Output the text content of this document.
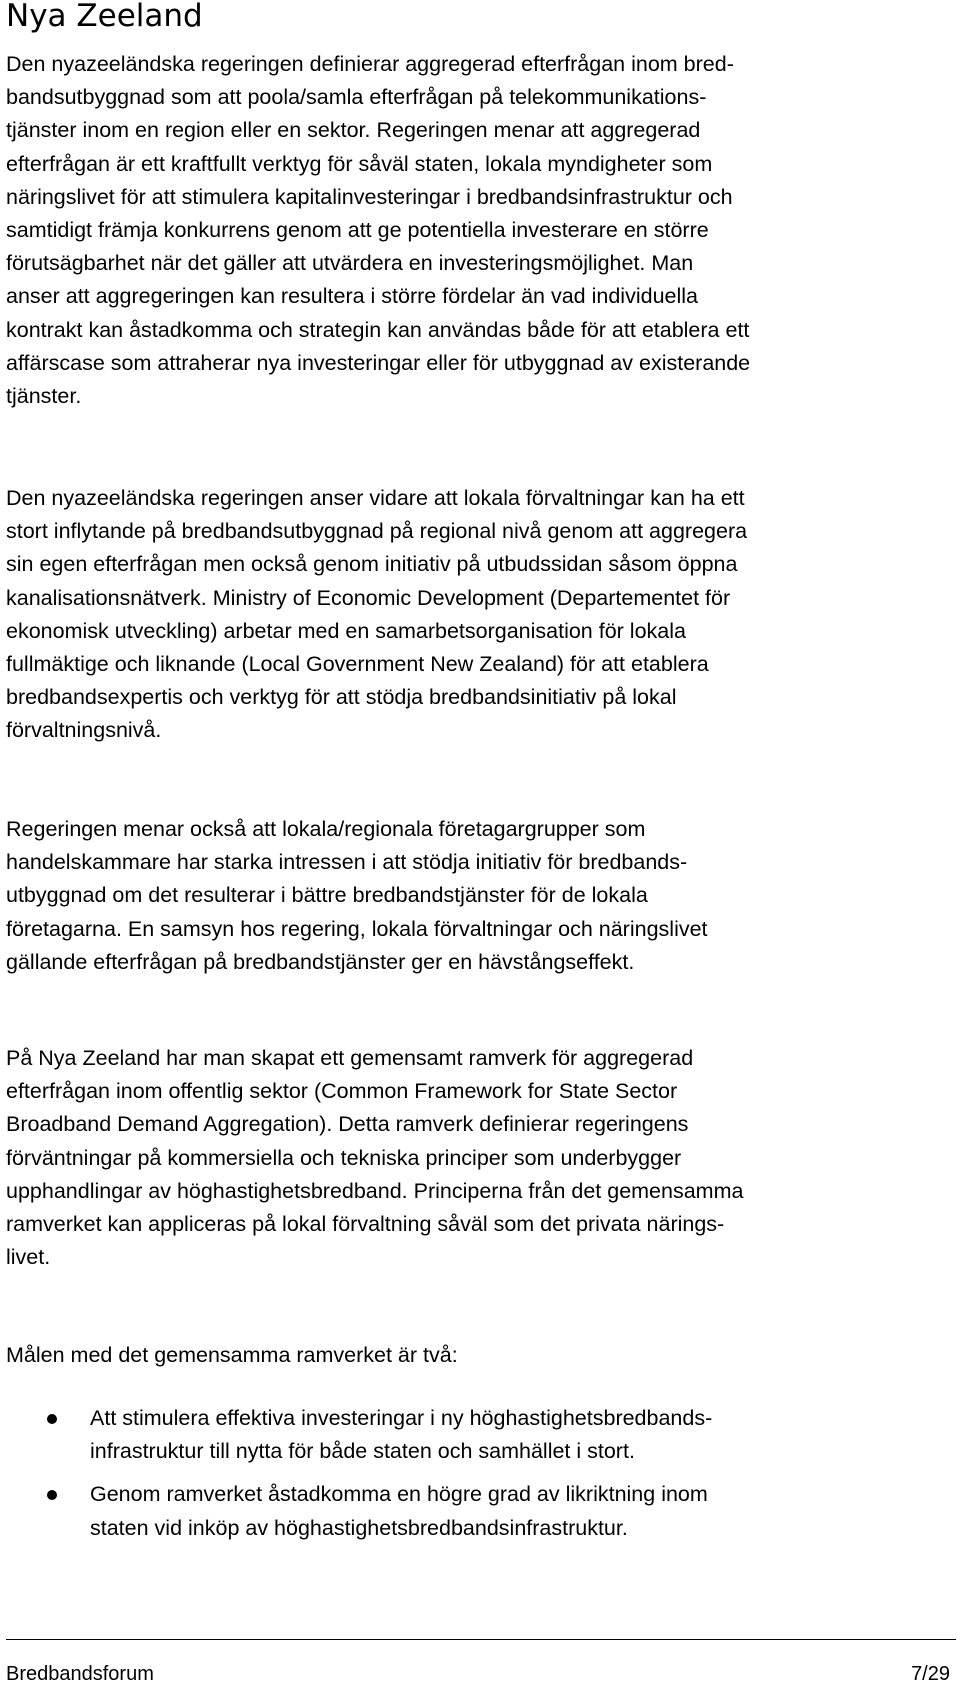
Nya Zeeland

Den nyazeeländska regeringen definierar aggregerad efterfrågan inom bred-
bandsutbyggnad som att poola/samla efterfrågan på telekommunikations-
tjänster inom en region eller en sektor. Regeringen menar att aggregerad
efterfrågan är ett kraftfullt verktyg för såväl staten, lokala myndigheter som
näringslivet för att stimulera kapitalinvesteringar i bredbandsinfrastruktur och
samtidigt främja konkurrens genom att ge potentiella investerare en större
förutsägbarhet när det gäller att utvärdera en investeringsmöjlighet. Man
anser att aggregeringen kan resultera i större fördelar än vad individuella
kontrakt kan åstadkomma och strategin kan användas både för att etablera ett
affärscase som attraherar nya investeringar eller för utbyggnad av existerande
tjänster.

Den nyazeeländska regeringen anser vidare att lokala förvaltningar kan ha ett
stort inflytande på bredbandsutbyggnad på regional nivå genom att aggregera
sin egen efterfrågan men också genom initiativ på utbudssidan såsom öppna
kanalisationsnätverk. Ministry of Economic Development (Departementet för
ekonomisk utveckling) arbetar med en samarbetsorganisation för lokala
fullmäktige och liknande (Local Government New Zealand) för att etablera
bredbandsexpertis och verktyg för att stödja bredbandsinitiativ på lokal
förvaltningsnivå.

Regeringen menar också att lokala/regionala företagargrupper som
handelskammare har starka intressen i att stödja initiativ för bredbands-
utbyggnad om det resulterar i bättre bredbandstjänster för de lokala
företagarna. En samsyn hos regering, lokala förvaltningar och näringslivet
gällande efterfrågan på bredbandstjänster ger en hävstångseffekt.

På Nya Zeeland har man skapat ett gemensamt ramverk för aggregerad
efterfrågan inom offentlig sektor (Common Framework for State Sector
Broadband Demand Aggregation). Detta ramverk definierar regeringens
förväntningar på kommersiella och tekniska principer som underbygger
upphandlingar av höghastighetsbredband. Principerna från det gemensamma
ramverket kan appliceras på lokal förvaltning såväl som det privata närings-
livet.

Målen med det gemensamma ramverket är två:

Att stimulera effektiva investeringar i ny höghastighetsbredbands-
infrastruktur till nytta för både staten och samhället i stort.
Genom ramverket åstadkomma en högre grad av likriktning inom
staten vid inköp av höghastighetsbredbandsinfrastruktur.
Bredbandsforum	7/29
